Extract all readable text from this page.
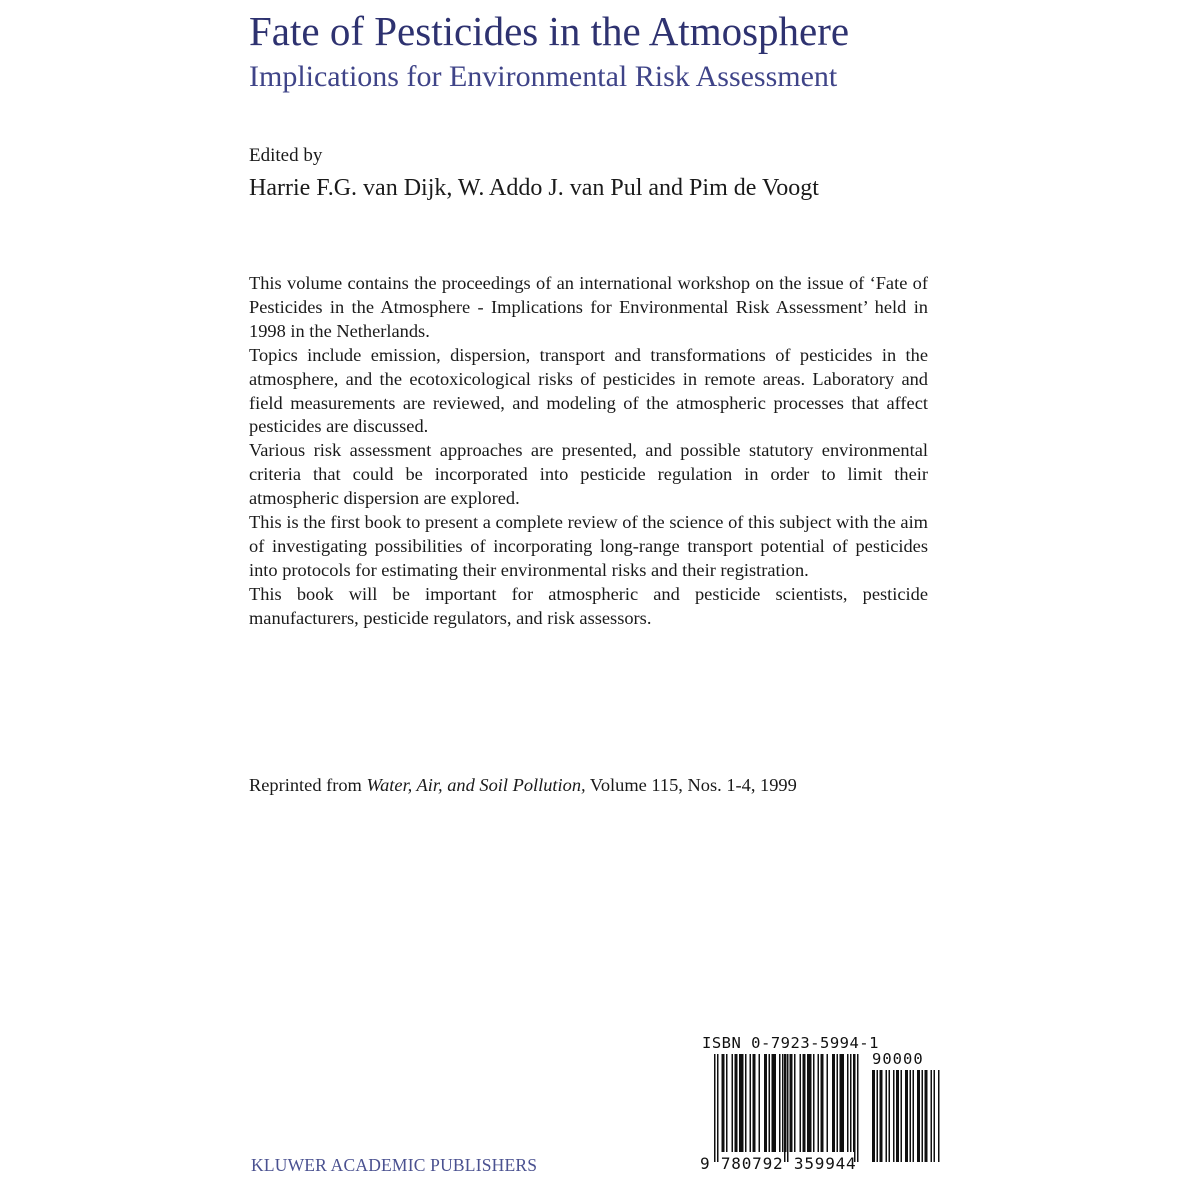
Fate of Pesticides in the Atmosphere
Implications for Environmental Risk Assessment
Edited by
Harrie F.G. van Dijk, W. Addo J. van Pul and Pim de Voogt

This volume contains the proceedings of an international workshop on the issue of ‘Fate of Pesticides in the Atmosphere - Implications for Environmental Risk Assessment’ held in 1998 in the Netherlands.

Topics include emission, dispersion, transport and transformations of pesticides in the atmosphere, and the ecotoxicological risks of pesticides in remote areas. Laboratory and field measurements are reviewed, and modeling of the atmospheric processes that affect pesticides are discussed.

Various risk assessment approaches are presented, and possible statutory environmental criteria that could be incorporated into pesticide regulation in order to limit their atmospheric dispersion are explored.

This is the first book to present a complete review of the science of this subject with the aim of investigating possibilities of incorporating long-range transport potential of pesticides into protocols for estimating their environmental risks and their registration.

This book will be important for atmospheric and pesticide scientists, pesticide manufacturers, pesticide regulators, and risk assessors.

Reprinted from Water, Air, and Soil Pollution, Volume 115, Nos. 1-4, 1999
ISBN 0-7923-5994-1
90000
9 780792 359944
KLUWER ACADEMIC PUBLISHERS
